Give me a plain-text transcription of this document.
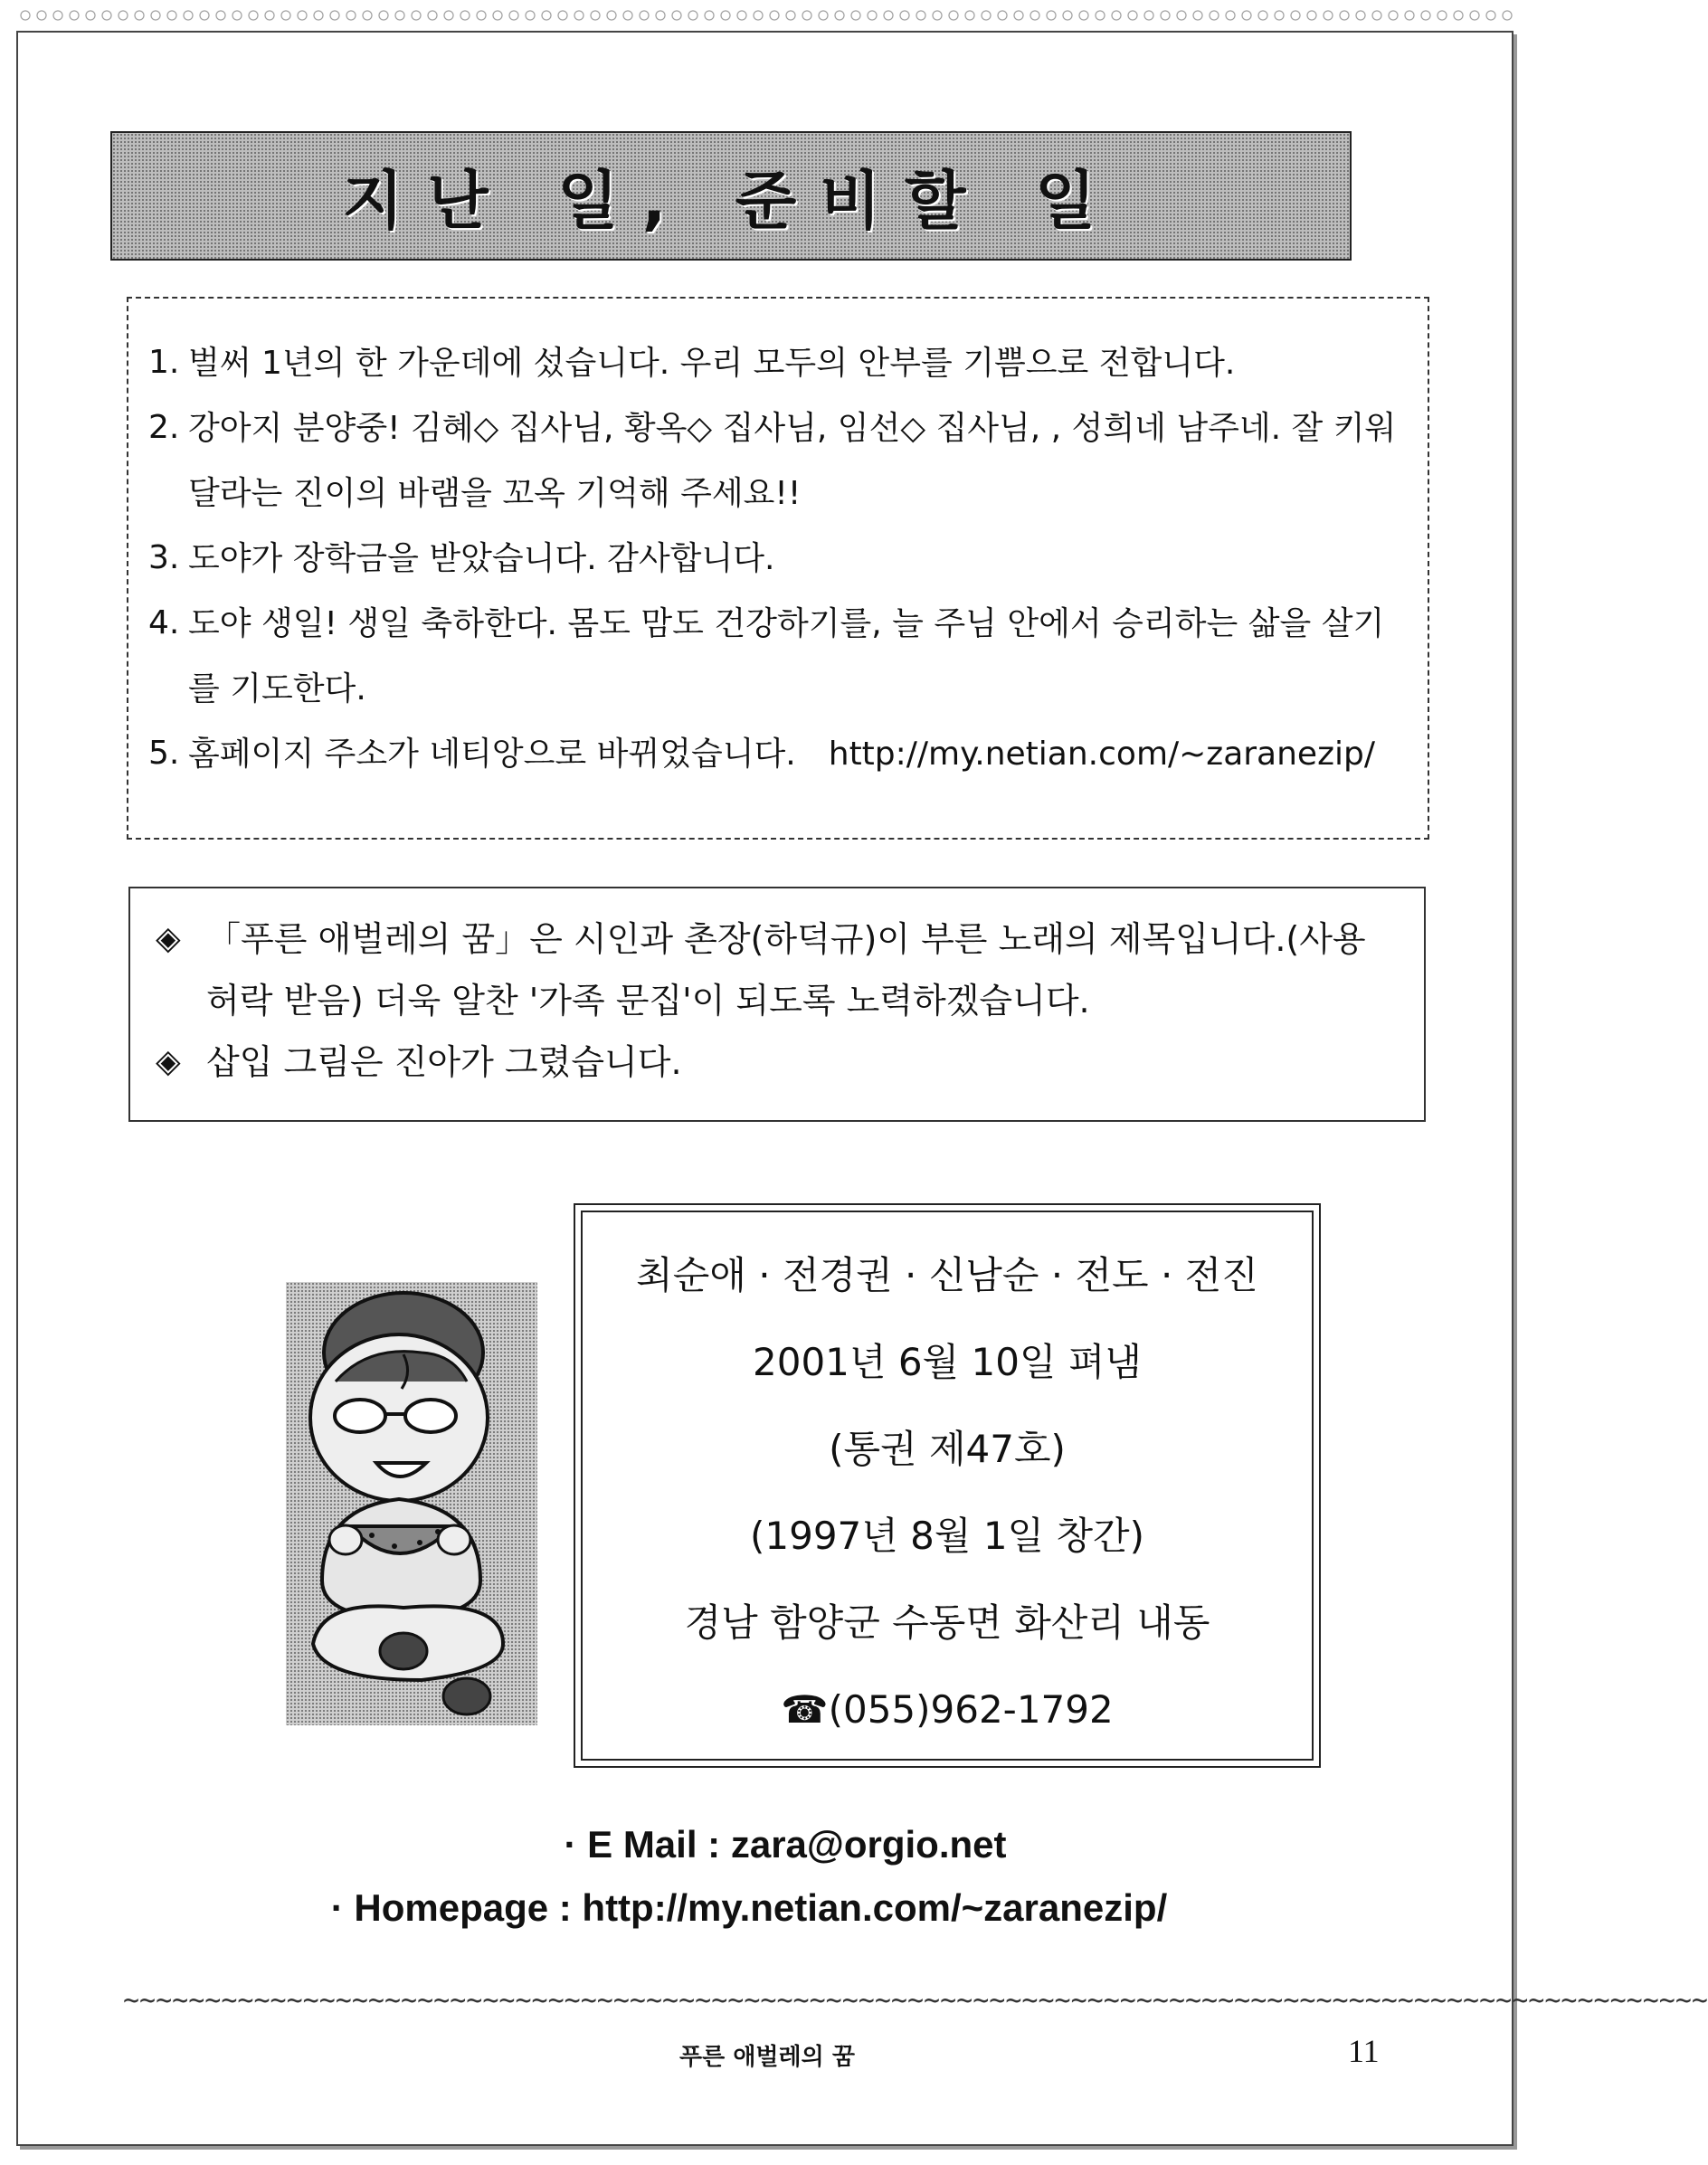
지난 일, 준비할 일
1. 벌써 1년의 한 가운데에 섰습니다. 우리 모두의 안부를 기쁨으로 전합니다.
2. 강아지 분양중! 김혜◇ 집사님, 황옥◇ 집사님, 임선◇ 집사님, , 성희네 남주네. 잘 키워달라는 진이의 바램을 꼬옥 기억해 주세요!!
3. 도야가 장학금을 받았습니다. 감사합니다.
4. 도야 생일! 생일 축하한다. 몸도 맘도 건강하기를, 늘 주님 안에서 승리하는 삶을 살기를 기도한다.
5. 홈페이지 주소가 네티앙으로 바뀌었습니다. http://my.netian.com/~zaranezip/
◈ 「푸른 애벌레의 꿈」은 시인과 촌장(하덕규)이 부른 노래의 제목입니다.(사용 허락 받음) 더욱 알찬 '가족 문집'이 되도록 노력하겠습니다.
◈ 삽입 그림은 진아가 그렸습니다.
최순애 · 전경권 · 신남순 · 전도 · 전진
2001년 6월 10일 펴냄
(통권 제47호)
(1997년 8월 1일 창간)
경남 함양군 수동면 화산리 내동
☎(055)962-1792
· E Mail : zara@orgio.net
· Homepage : http://my.netian.com/~zaranezip/
~~~~~~~~~~~~~~~~~~~~~~~~~~~~~~~~~~~~~~~~~~~~~~~~~~~~~~~~~~~~~~~~~~~~~~~~~~~~~~~~~~~~~~~~~~~~~~~~~
푸른 애벌레의 꿈	11
